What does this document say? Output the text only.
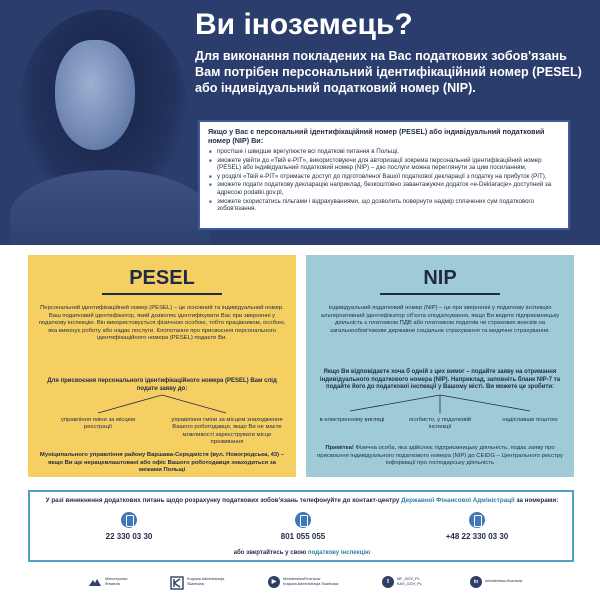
Ви іноземець?
Для виконання покладених на Вас податкових зобов'язань Вам потрібен персональний ідентифікаційний номер (PESEL) або індивідуальний податковий номер (NIP).
Якщо у Вас є персональний ідентифікаційний номер (PESEL) або індивідуальний податковий номер (NIP) Ви:
■ простіше і швидше врегулюєте всі податкові питання в Польщі,
■ зможете увійти до «Твій e-PIT», використовуючи для авторизації зокрема персональний ідентифікаційний номер (PESEL) або індивідуальний податковий номер (NIP) – дію послуги можна переглянути за цим посиланням,
■ у розділі «Твій e-PIT» отримаєте доступ до підготовленої Вашої податкової декларації з податку на прибуток (PIT),
■ зможете подати податкову декларацію наприклад, безкоштовно завантажуючи додаток «e-Deklaracje» доступний за адресою podatki.gov.pl,
■ зможете скористатись пільгами і відрахуваннями, що дозволить повернути надмір сплачених сум податкового зобов'язання.
PESEL
Персональний ідентифікаційний номер (PESEL) – це основний та індивідуальний номер. Ваш податковий ідентифікатор, який дозволяє ідентифікувати Вас при зверненні у податкову інспекцію. Він використовується фізичною особою, тобто працівником, особою, яка виконує роботу або надає послуги. Клопотання про присвоєння персонального ідентифікаційного номера (PESEL) подаєте Ви.
Для присвоєння персонального ідентифікаційного номера (PESEL) Вам слід подати заяву до:
управління гміни за місцем реєстрації
управління гміни за місцем знаходження Вашого роботодавця, якщо Ви не маєте можливості зареєструвати місце проживання
Муніципального управління району Варшава-Середмістя (вул. Новогродська, 43) – якщо Ви ще нерацевлаштовані або офіс Вашого роботодавця знаходиться за межами Польщі
NIP
Індивідуальний податковий номер (NIP) – це при зверненні у податкову інспекцію альтернативний ідентифікатор об'єкта оподаткування, якщо Ви ведете підприємницьку діяльність є платником ПДВ або платником податків чи страхових внесків на загальнообов'язкове державне соціальне страхування та медичне страхування.
Якщо Ви відповідаєте хоча б одній з цих вимог – подайте заяву на отримання індивідуального податкового номера (NIP). Наприклад, заповніть бланк NIP-7 та подайте його до податкової інспекції у Вашому місті. Ви можете це зробити:
в електронному вигляді	особисто, у податковій інспекції
надіславши поштою
Примітка! Фізична особа, яка здійснює підприємницьку діяльність, подає заяву про присвоєння індивідуального податкового номера (NIP) до CEIDG – Центрального реєстру інформації про господарську діяльність
У разі виникнення додаткових питань щодо розрахунку податкових зобов'язань телефонуйте до контакт-центру Державної Фінансової Адміністрації за номерами:
22 330 03 30	801 055 055	+48 22 330 03 30
або звертайтесь у свою податкову інспекцію
Міністерство
Фінансів
Krajowa Administracja
Skarbowa	▶	MinisterstwoFinansow
Krajowa Administracja Skarbowa	t	MF_GOV_PL
KAS_GOV_PL	in	ministerstwo-finansow
